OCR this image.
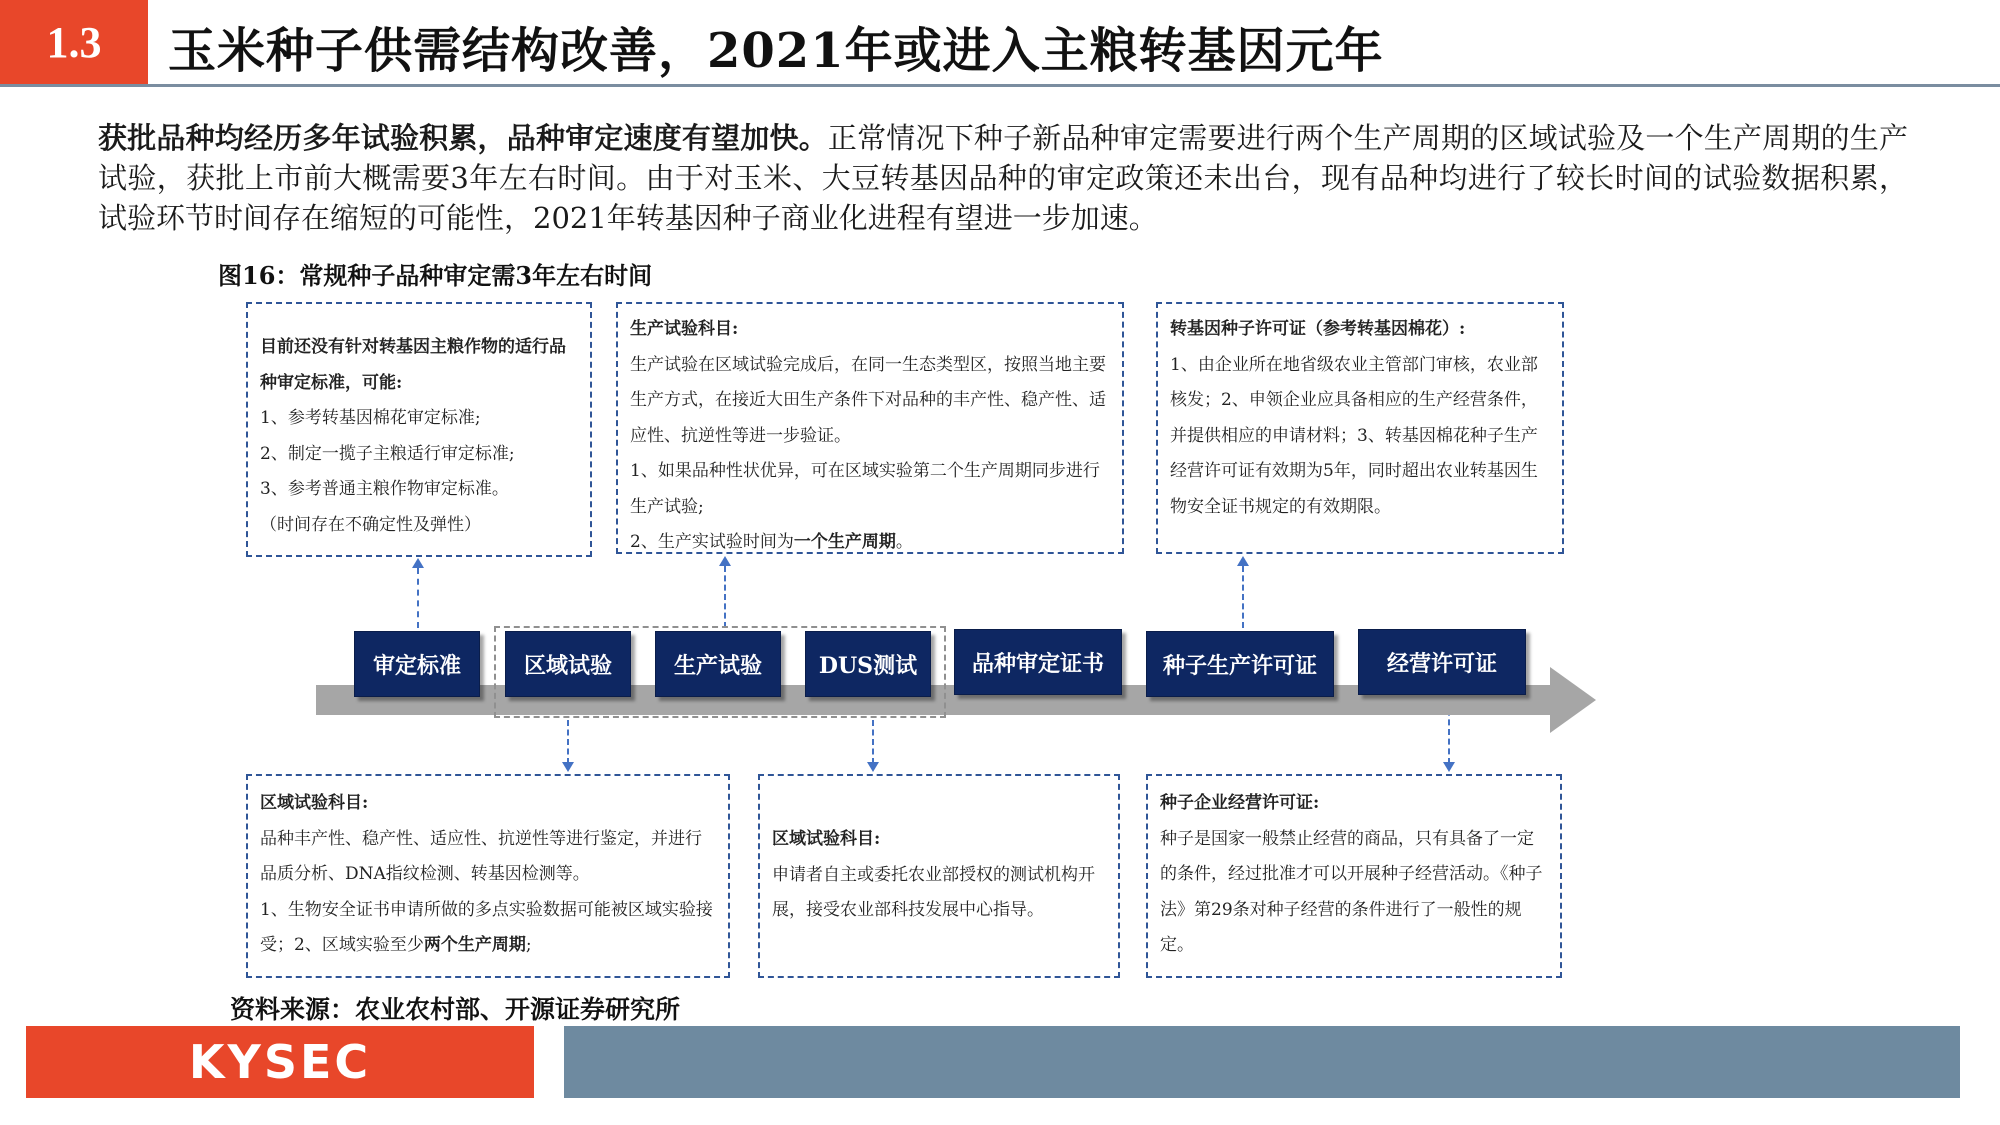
1.3	玉米种子供需结构改善，2021年或进入主粮转基因元年
获批品种均经历多年试验积累，品种审定速度有望加快。正常情况下种子新品种审定需要进行两个生产周期的区域试验及一个生产周期的生产试验，获批上市前大概需要3年左右时间。由于对玉米、大豆转基因品种的审定政策还未出台，现有品种均进行了较长时间的试验数据积累，试验环节时间存在缩短的可能性，2021年转基因种子商业化进程有望进一步加速。
图16：常规种子品种审定需3年左右时间

目前还没有针对转基因主粮作物的适行品种审定标准，可能:

1、参考转基因棉花审定标准;

2、制定一揽子主粮适行审定标准;

3、参考普通主粮作物审定标准。

（时间存在不确定性及弹性）

生产试验科目:

生产试验在区域试验完成后，在同一生态类型区，按照当地主要生产方式，在接近大田生产条件下对品种的丰产性、稳产性、适应性、抗逆性等进一步验证。

1、如果品种性状优异，可在区域实验第二个生产周期同步进行生产试验;

2、生产实试验时间为一个生产周期。

转基因种子许可证（参考转基因棉花）:

1、由企业所在地省级农业主管部门审核，农业部核发；2、申领企业应具备相应的生产经营条件，并提供相应的申请材料；3、转基因棉花种子生产经营许可证有效期为5年，同时超出农业转基因生物安全证书规定的有效期限。

区域试验科目:

品种丰产性、稳产性、适应性、抗逆性等进行鉴定，并进行品质分析、DNA指纹检测、转基因检测等。

1、生物安全证书申请所做的多点实验数据可能被区域实验接受；2、区域实验至少两个生产周期;

区域试验科目:

申请者自主或委托农业部授权的测试机构开展，接受农业部科技发展中心指导。

种子企业经营许可证:

种子是国家一般禁止经营的商品，只有具备了一定的条件，经过批准才可以开展种子经营活动。《种子法》第29条对种子经营的条件进行了一般性的规定。

审定标准	区域试验	生产试验	DUS测试	品种审定证书	种子生产许可证	经营许可证
资料来源：农业农村部、开源证券研究所
KYSEC
